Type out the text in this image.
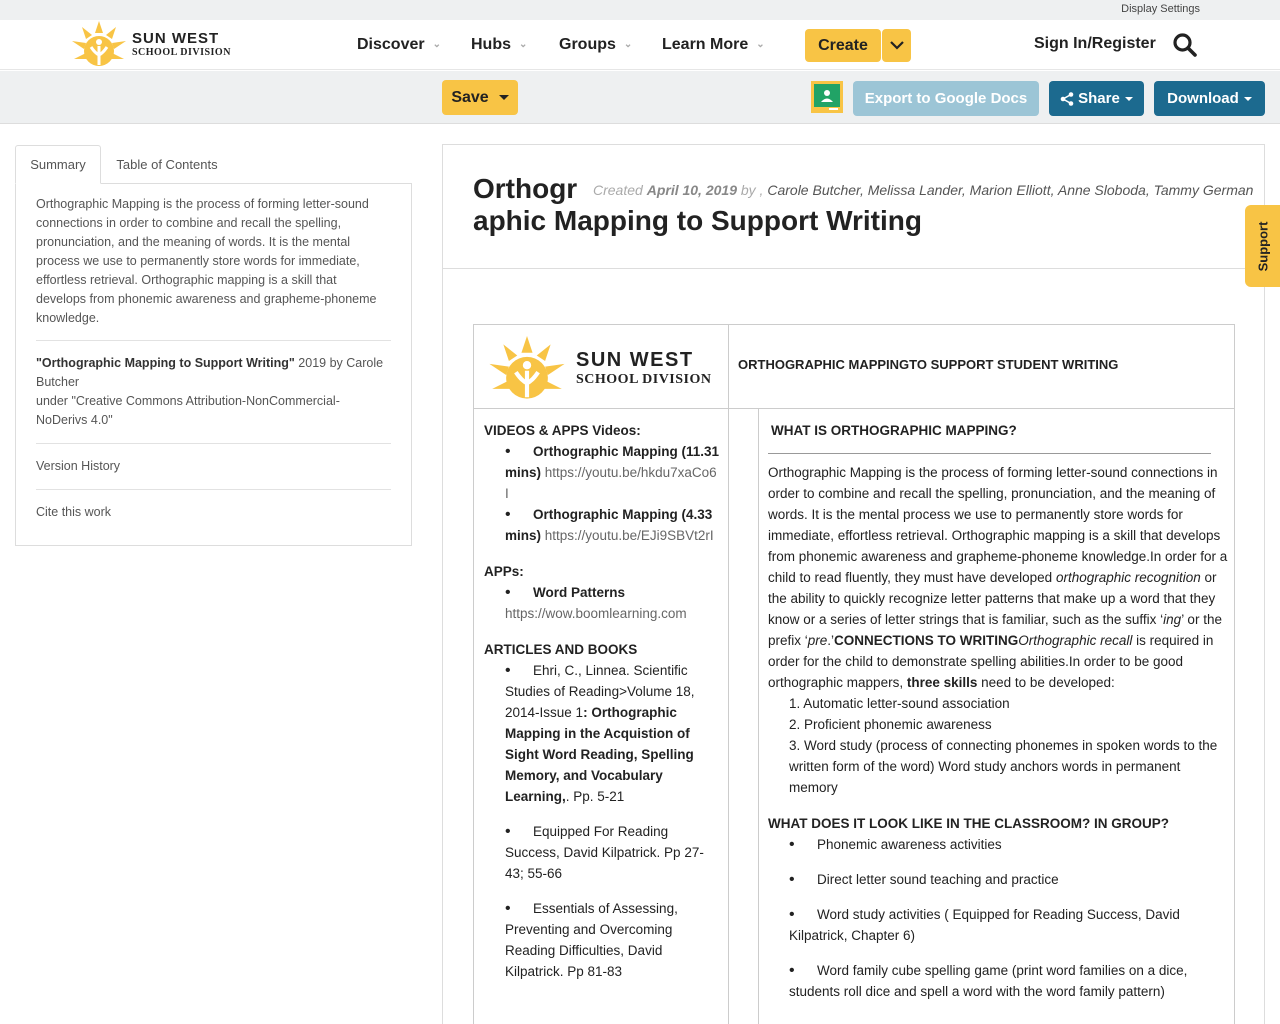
Display Settings
SUN WEST
SCHOOL DIVISION	Discover ⌄ Hubs ⌄ Groups ⌄ Learn More ⌄	Create	Sign In/Register
Save	Export to Google Docs	Share	Download
Summary	Table of Contents
Orthographic Mapping is the process of forming letter-sound connections in order to combine and recall the spelling, pronunciation, and the meaning of words. It is the mental process we use to permanently store words for immediate, effortless retrieval. Orthographic mapping is a skill that develops from phonemic awareness and grapheme-phoneme knowledge.
"Orthographic Mapping to Support Writing" 2019 by Carole Butcher
under "Creative Commons Attribution-NonCommercial-NoDerivs 4.0"
Version History
Cite this work
Orthogr
aphic Mapping to Support Writing
Created April 10, 2019 by , Carole Butcher, Melissa Lander, Marion Elliott, Anne Sloboda, Tammy German
SUN WEST
SCHOOL DIVISION
ORTHOGRAPHIC MAPPINGTO SUPPORT STUDENT WRITING
VIDEOS & APPS Videos:
• Orthographic Mapping (11.31 mins) https://youtu.be/hkdu7xaCo6I
• Orthographic Mapping (4.33 mins) https://youtu.be/EJi9SBVt2rI
APPs:
• Word Patterns
https://wow.boomlearning.com
ARTICLES AND BOOKS
• Ehri, C., Linnea. Scientific Studies of Reading>Volume 18, 2014-Issue 1: Orthographic Mapping in the Acquistion of Sight Word Reading, Spelling Memory, and Vocabulary Learning,. Pp. 5-21
• Equipped For Reading Success, David Kilpatrick. Pp 27-43; 55-66
• Essentials of Assessing, Preventing and Overcoming Reading Difficulties, David Kilpatrick. Pp 81-83
WHAT IS ORTHOGRAPHIC MAPPING?
Orthographic Mapping is the process of forming letter-sound connections in order to combine and recall the spelling, pronunciation, and the meaning of words. It is the mental process we use to permanently store words for immediate, effortless retrieval. Orthographic mapping is a skill that develops from phonemic awareness and grapheme-phoneme knowledge.In order for a child to read fluently, they must have developed orthographic recognition or the ability to quickly recognize letter patterns that make up a word that they know or a series of letter strings that is familiar, such as the suffix ‘ing’ or the prefix ‘pre.’CONNECTIONS TO WRITINGOrthographic recall is required in order for the child to demonstrate spelling abilities.In order to be good orthographic mappers, three skills need to be developed:
1. Automatic letter-sound association
2. Proficient phonemic awareness
3. Word study (process of connecting phonemes in spoken words to the written form of the word) Word study anchors words in permanent memory
WHAT DOES IT LOOK LIKE IN THE CLASSROOM? IN GROUP?
• Phonemic awareness activities
• Direct letter sound teaching and practice
• Word study activities ( Equipped for Reading Success, David Kilpatrick, Chapter 6)
• Word family cube spelling game (print word families on a dice, students roll dice and spell a word with the word family pattern)
Support
